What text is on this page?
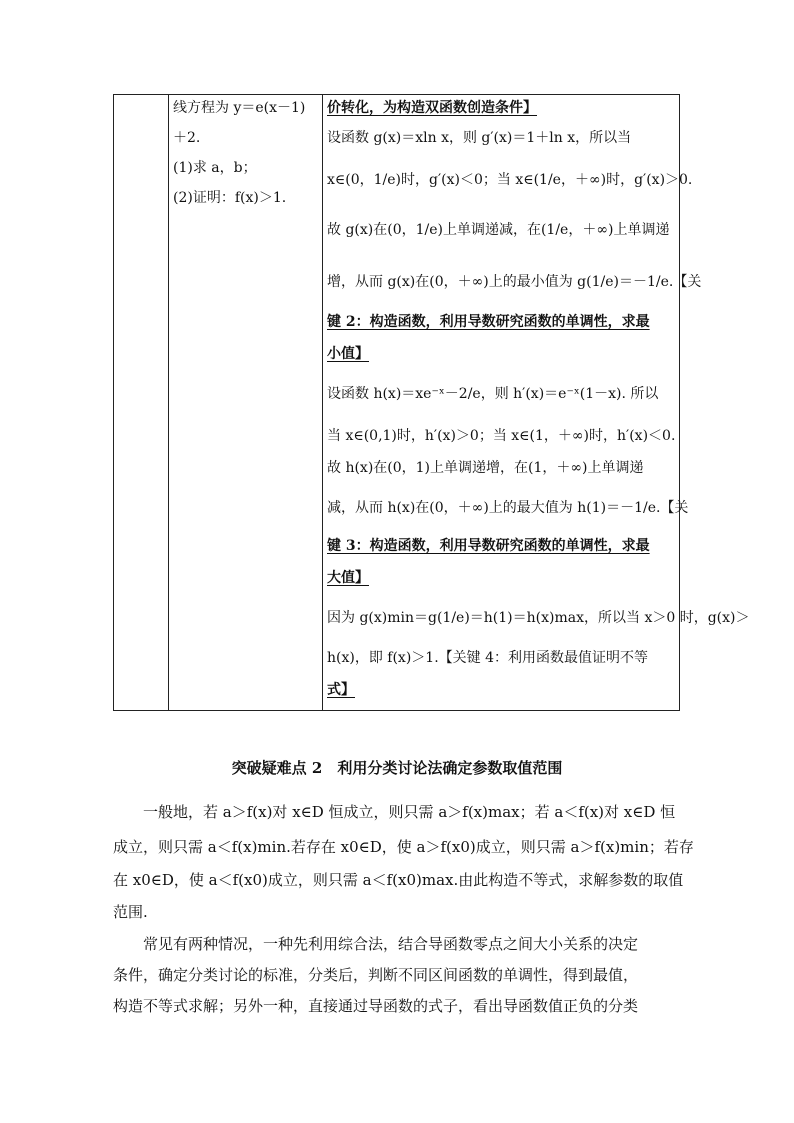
线方程为 y＝e(x－1)
＋2.
(1)求 a，b；
(2)证明：f(x)＞1.
价转化，为构造双函数创造条件】
设函数 g(x)＝xln x，则 g′(x)＝1＋ln x，所以当
x∈(0，1/e)时，g′(x)＜0；当 x∈(1/e，＋∞)时，g′(x)＞0.
故 g(x)在(0，1/e)上单调递减，在(1/e，＋∞)上单调递
增，从而 g(x)在(0，＋∞)上的最小值为 g(1/e)＝－1/e.【关
键 2：构造函数，利用导数研究函数的单调性，求最
小值】
设函数 h(x)＝xe⁻ˣ－2/e，则 h′(x)＝e⁻ˣ(1－x). 所以
当 x∈(0,1)时，h′(x)＞0；当 x∈(1，＋∞)时，h′(x)＜0.
故 h(x)在(0，1)上单调递增，在(1，＋∞)上单调递
减，从而 h(x)在(0，＋∞)上的最大值为 h(1)＝－1/e.【关
键 3：构造函数，利用导数研究函数的单调性，求最
大值】
因为 g(x)min＝g(1/e)＝h(1)＝h(x)max，所以当 x＞0 时，g(x)＞
h(x)，即 f(x)＞1.【关键 4：利用函数最值证明不等
式】
突破疑难点 2　利用分类讨论法确定参数取值范围
一般地，若 a＞f(x)对 x∈D 恒成立，则只需 a＞f(x)max；若 a＜f(x)对 x∈D 恒
成立，则只需 a＜f(x)min.若存在 x0∈D，使 a＞f(x0)成立，则只需 a＞f(x)min；若存
在 x0∈D，使 a＜f(x0)成立，则只需 a＜f(x0)max.由此构造不等式，求解参数的取值
范围.
常见有两种情况，一种先利用综合法，结合导函数零点之间大小关系的决定
条件，确定分类讨论的标准，分类后，判断不同区间函数的单调性，得到最值，
构造不等式求解；另外一种，直接通过导函数的式子，看出导函数值正负的分类
